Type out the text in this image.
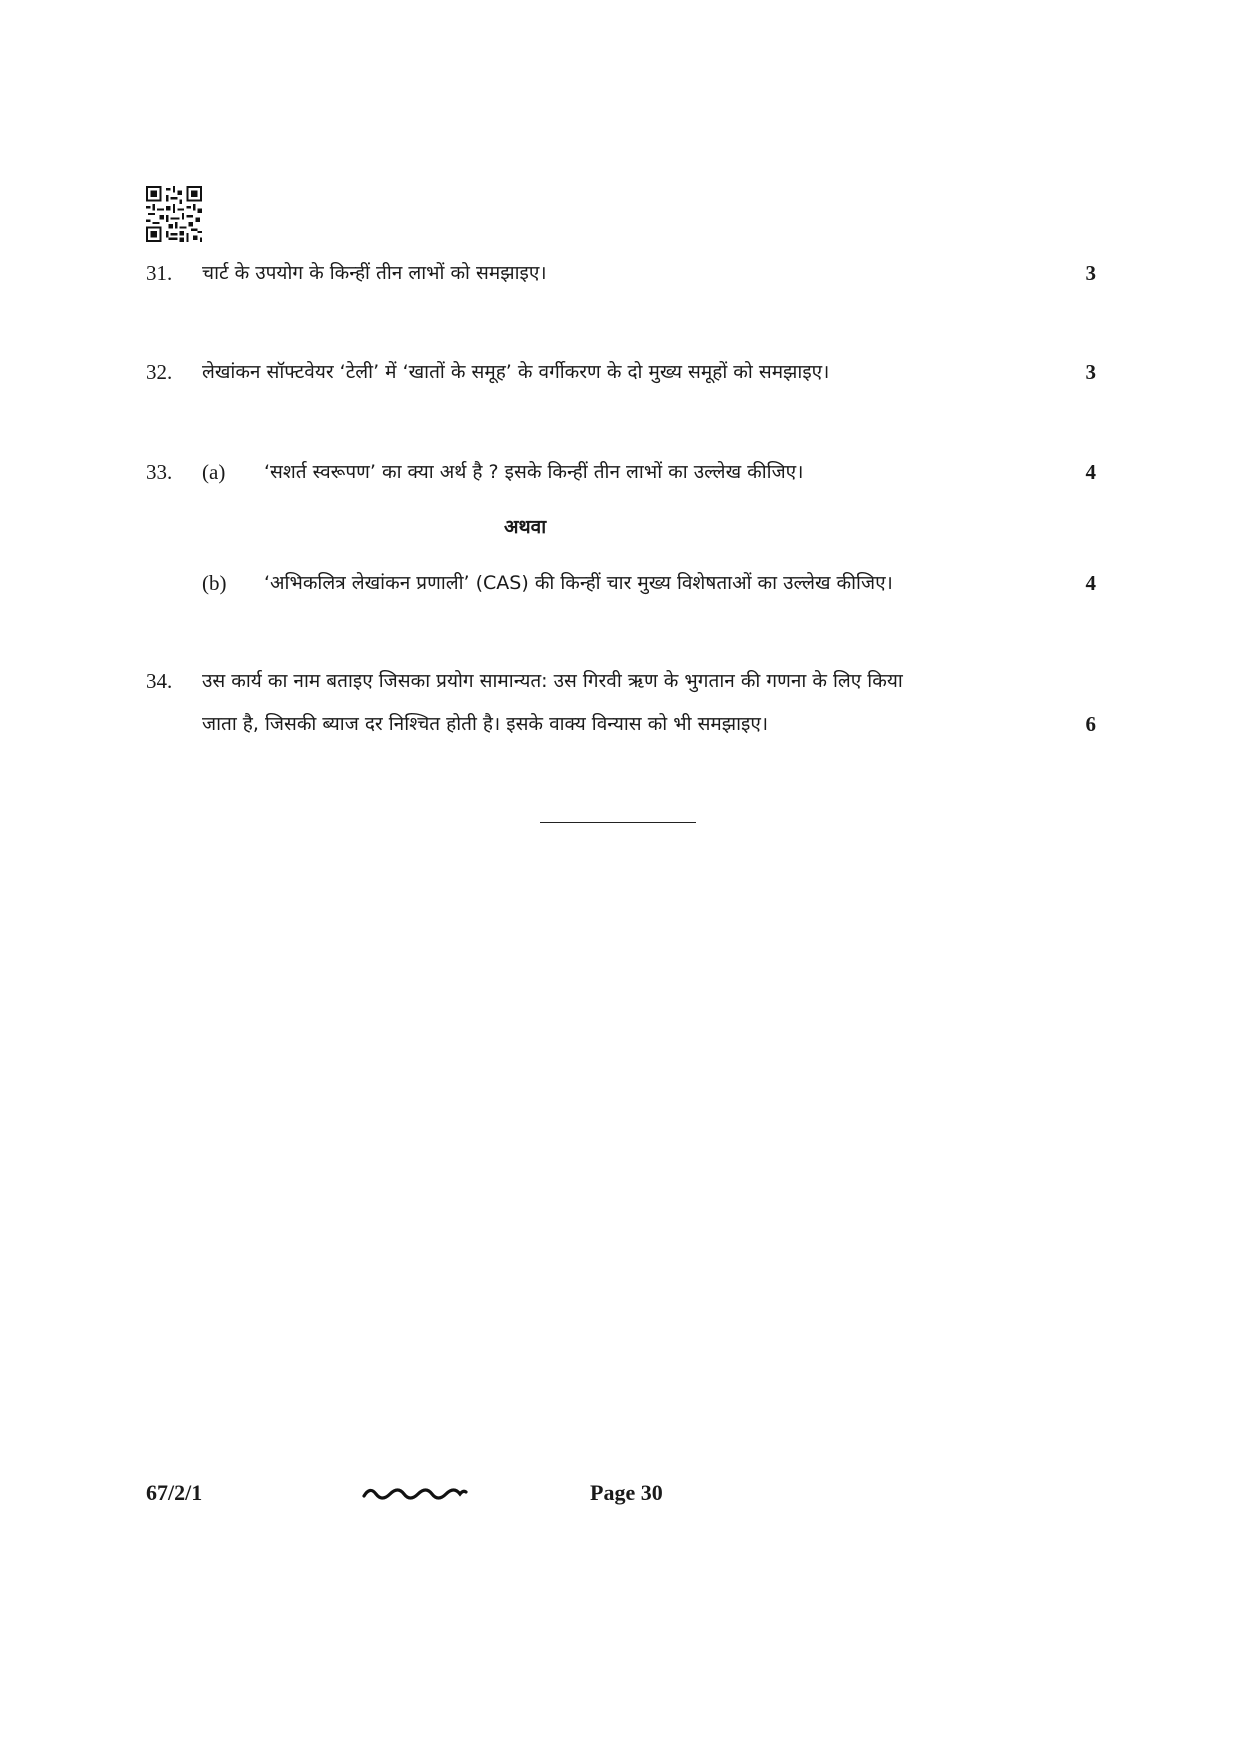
31. चार्ट के उपयोग के किन्हीं तीन लाभों को समझाइए।	3
32. लेखांकन सॉफ्टवेयर ‘टेली’ में ‘खातों के समूह’ के वर्गीकरण के दो मुख्य समूहों को समझाइए।	3
33. (a) ‘सशर्त स्वरूपण’ का क्या अर्थ है ? इसके किन्हीं तीन लाभों का उल्लेख कीजिए।	4
अथवा
(b) ‘अभिकलित्र लेखांकन प्रणाली’ (CAS) की किन्हीं चार मुख्य विशेषताओं का उल्लेख कीजिए।	4
34. उस कार्य का नाम बताइए जिसका प्रयोग सामान्यत: उस गिरवी ऋण के भुगतान की गणना के लिए किया
जाता है, जिसकी ब्याज दर निश्चित होती है। इसके वाक्य विन्यास को भी समझाइए।	6
67/2/1	Page 30
